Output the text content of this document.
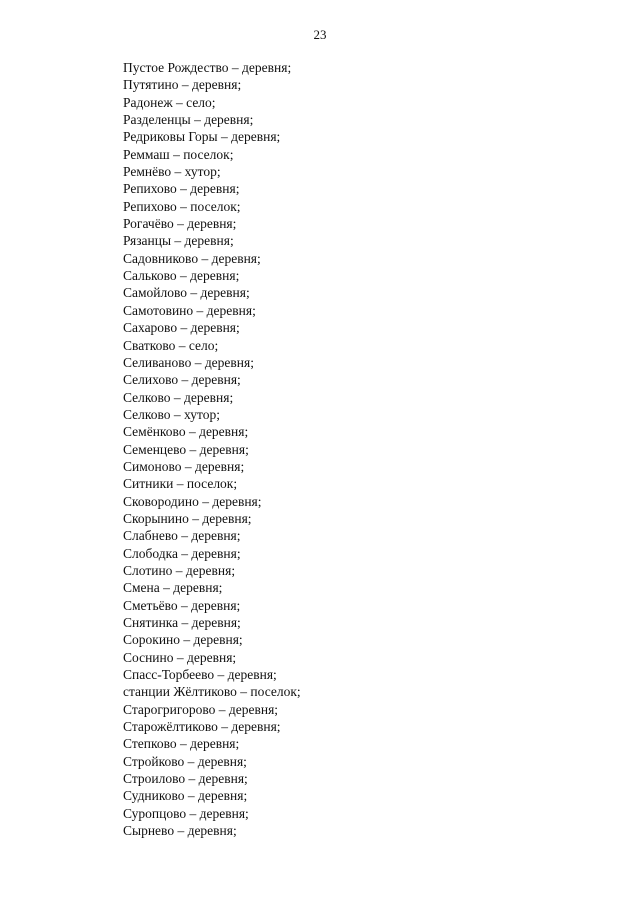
23
Пустое Рождество – деревня;
Путятино – деревня;
Радонеж – село;
Разделенцы – деревня;
Редриковы Горы – деревня;
Реммаш – поселок;
Ремнёво – хутор;
Репихово – деревня;
Репихово – поселок;
Рогачёво – деревня;
Рязанцы – деревня;
Садовниково – деревня;
Сальково – деревня;
Самойлово – деревня;
Самотовино – деревня;
Сахарово – деревня;
Сватково – село;
Селиваново – деревня;
Селихово – деревня;
Селково – деревня;
Селково – хутор;
Семёнково – деревня;
Семенцево – деревня;
Симоново – деревня;
Ситники – поселок;
Сковородино – деревня;
Скорынино – деревня;
Слабнево – деревня;
Слободка – деревня;
Слотино – деревня;
Смена – деревня;
Сметьёво – деревня;
Снятинка – деревня;
Сорокино – деревня;
Соснино – деревня;
Спасс-Торбеево – деревня;
станции Жёлтиково – поселок;
Старогригорово – деревня;
Старожёлтиково – деревня;
Степково – деревня;
Стройково – деревня;
Строилово – деревня;
Судниково – деревня;
Суропцово – деревня;
Сырнево – деревня;
